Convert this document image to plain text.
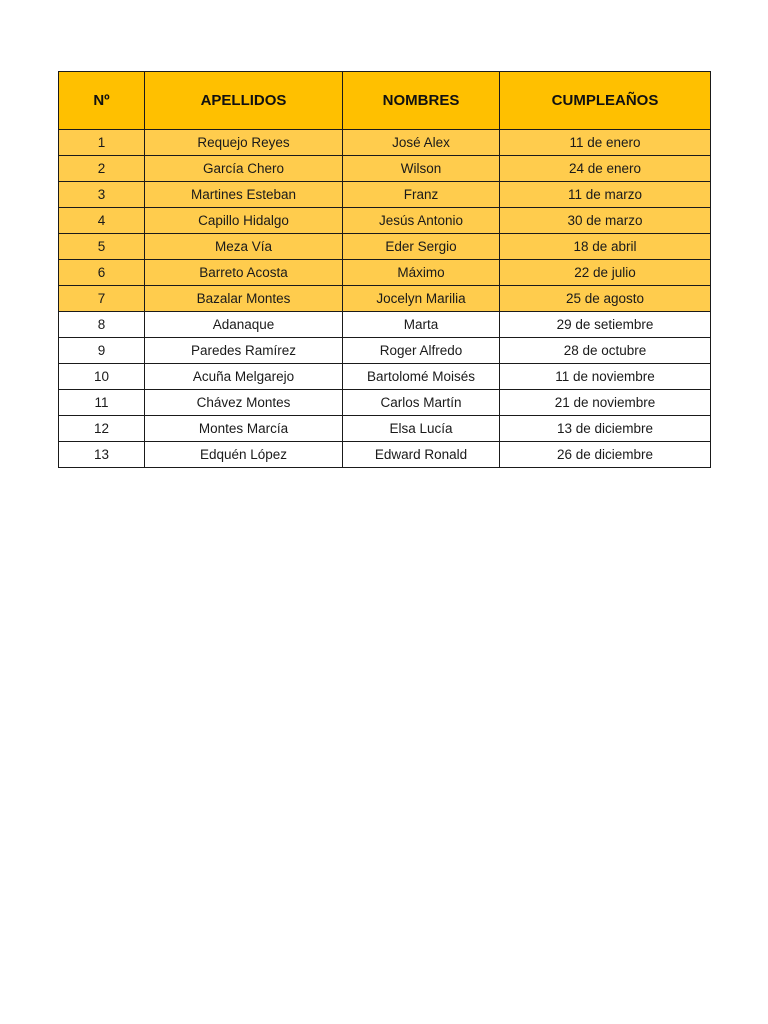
Nº	APELLIDOS	NOMBRES	CUMPLEAÑOS
1	Requejo Reyes	José Alex	11 de enero
2	García Chero	Wilson	24 de enero
3	Martines Esteban	Franz	11 de marzo
4	Capillo Hidalgo	Jesús Antonio	30 de marzo
5	Meza Vía	Eder Sergio	18 de abril
6	Barreto Acosta	Máximo	22 de julio
7	Bazalar Montes	Jocelyn Marilia	25 de agosto
8	Adanaque	Marta	29 de setiembre
9	Paredes Ramírez	Roger Alfredo	28 de octubre
10	Acuña Melgarejo	Bartolomé Moisés	11 de noviembre
11	Chávez Montes	Carlos Martín	21 de noviembre
12	Montes Marcía	Elsa Lucía	13 de diciembre
13	Edquén López	Edward Ronald	26 de diciembre
